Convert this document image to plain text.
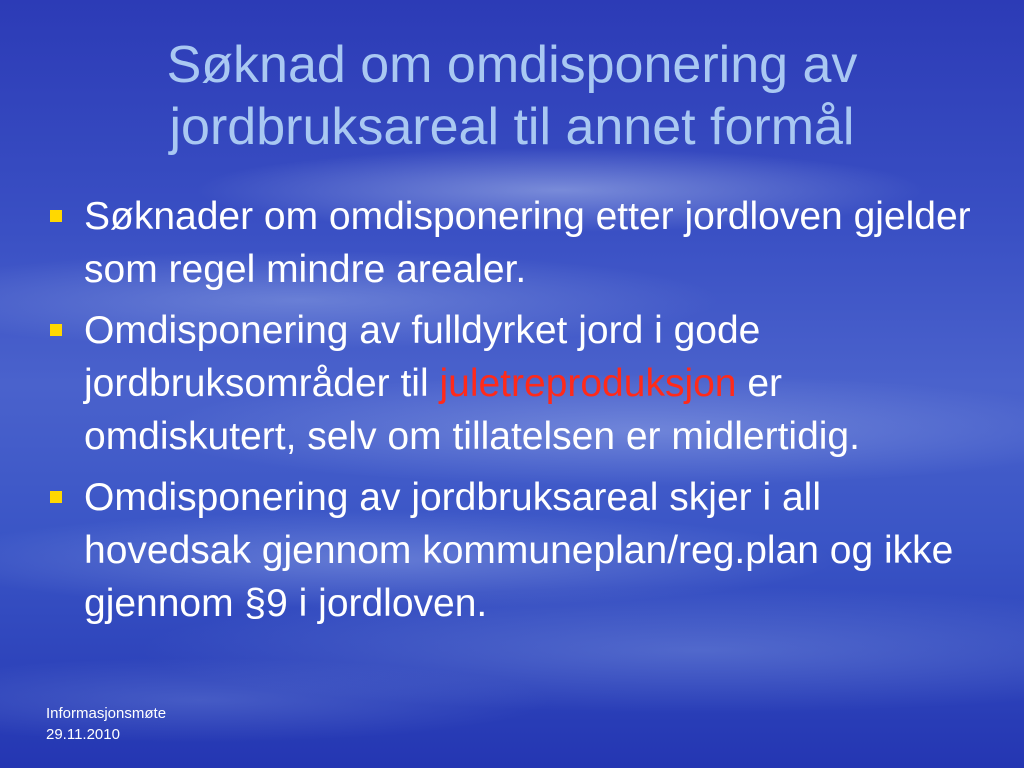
Søknad om omdisponering av jordbruksareal til annet formål
Søknader om omdisponering etter jordloven gjelder som regel mindre arealer.
Omdisponering av fulldyrket jord i gode jordbruksområder til juletreproduksjon er omdiskutert, selv om tillatelsen er midlertidig.
Omdisponering av jordbruksareal skjer i all hovedsak gjennom kommuneplan/reg.plan og ikke gjennom §9 i jordloven.
Informasjonsmøte
29.11.2010
